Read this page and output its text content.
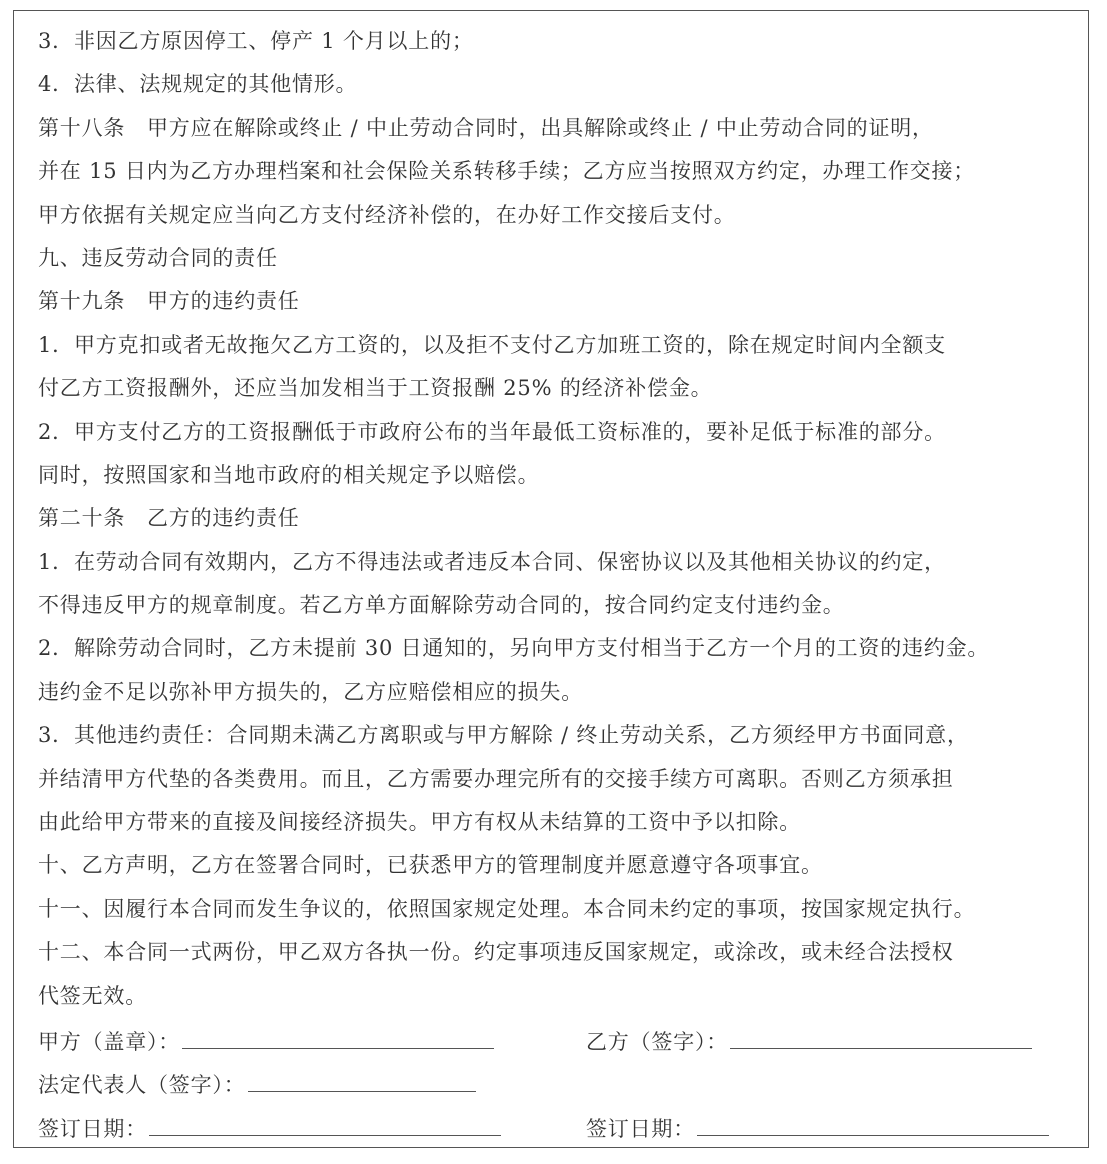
3．非因乙方原因停工、停产 1 个月以上的；
4．法律、法规规定的其他情形。
第十八条　甲方应在解除或终止 / 中止劳动合同时，出具解除或终止 / 中止劳动合同的证明，
并在 15 日内为乙方办理档案和社会保险关系转移手续；乙方应当按照双方约定，办理工作交接；
甲方依据有关规定应当向乙方支付经济补偿的，在办好工作交接后支付。
九、违反劳动合同的责任
第十九条　甲方的违约责任
1．甲方克扣或者无故拖欠乙方工资的，以及拒不支付乙方加班工资的，除在规定时间内全额支
付乙方工资报酬外，还应当加发相当于工资报酬 25% 的经济补偿金。
2．甲方支付乙方的工资报酬低于市政府公布的当年最低工资标准的，要补足低于标准的部分。
同时，按照国家和当地市政府的相关规定予以赔偿。
第二十条　乙方的违约责任
1．在劳动合同有效期内，乙方不得违法或者违反本合同、保密协议以及其他相关协议的约定，
不得违反甲方的规章制度。若乙方单方面解除劳动合同的，按合同约定支付违约金。
2．解除劳动合同时，乙方未提前 30 日通知的，另向甲方支付相当于乙方一个月的工资的违约金。
违约金不足以弥补甲方损失的，乙方应赔偿相应的损失。
3．其他违约责任：合同期未满乙方离职或与甲方解除 / 终止劳动关系，乙方须经甲方书面同意，
并结清甲方代垫的各类费用。而且，乙方需要办理完所有的交接手续方可离职。否则乙方须承担
由此给甲方带来的直接及间接经济损失。甲方有权从未结算的工资中予以扣除。
十、乙方声明，乙方在签署合同时，已获悉甲方的管理制度并愿意遵守各项事宜。
十一、因履行本合同而发生争议的，依照国家规定处理。本合同未约定的事项，按国家规定执行。
十二、本合同一式两份，甲乙双方各执一份。约定事项违反国家规定，或涂改，或未经合法授权
代签无效。
甲方（盖章）：	乙方（签字）：
法定代表人（签字）：
签订日期：	签订日期：
